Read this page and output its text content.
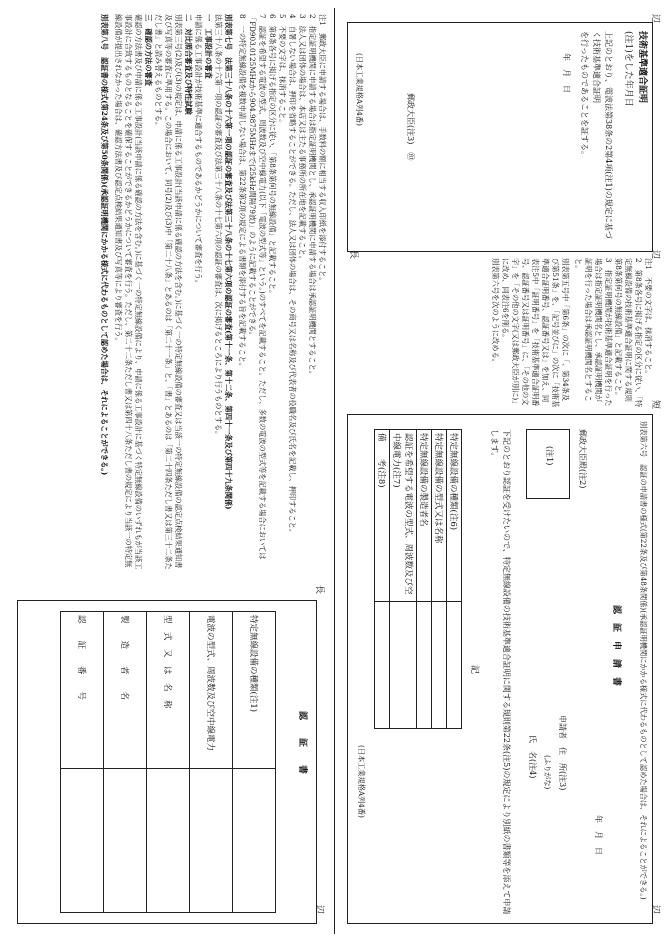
辺
辺
長
短
辺
技術基準適合証明
(注1)をした年月日
上記のとおり、電波法第38条の2第4項(注1)の規定に基づく技術基準適合証明
を行ったものであることを証する。
年　月　日
郵政大臣(注3)　㊞
(日本工業規格A列4番)
注1　不要の文字は、抹消すること。
2　第8条各号に掲げる指定の区分に従い、「特定無線設備の技術基準適合証明に関する規則第8条第何号の無線設備」と記載すること。
3　指定証明機関が技術基準適合証明を行った場合は指定証明機関名とし、承認証明機関が証明を行った場合は承認証明機関名とすること。
別表第五号中「第6条」の次に「、第34条及び第51条」を、「記号並びに」の次に「技術基準適合証明番号、認証番号又は」を加え、同表注5中「証明番号」を「技術基準適合証明番号、認証番号又は証明番号」に、「その他の文字」を「その他の文字(又は郵政大臣が別に)」に改め、同表注6を削る。
別表第六号を次のように改める。
別表第六号　認証の申請書の様式(第22条及び第48条関係)(承認証明機関にかかる様式に代わるものとして認めた場合は、それによることができる。)
認　証　申　請　書
年　月　日
郵政大臣殿(注2)
(注1)
申請者　住　所(注3)
(ふりがな)
氏　名(注4)
下記のとおり認証を受けたいので、特定無線設備の技術基準適合証明に関する規則第22条(注5)の規定により別紙の書類等を添えて申請します。
記
特定無線設備の種類(注6)	
特定無線設備の型式又は名称	
特定無線設備の製造者名	
認証を希望する電波の型式、周波数及び空中線電力(注7)	
備　　考(注8)	
(日本工業規格A列4番)
注1　郵政大臣に申請する場合は、手数料の額に相当する収入印紙を添付すること。
2　指定証明機関に申請する場合は指定証明機関とし、承認証明機関に申請する場合は承認証明機関とすること。
3　法人又は団体の場合は、本店又は主たる事務所の所在地を記載すること。
4　自署しない場合は、押印を省略することができる。ただし、法人又は団体の場合は、その商号又は名称及び代表者の役職名及び氏名を記載し、押印すること。
5　不要の文字は、抹消すること。
6　第8条各号に掲げる指定の区分に従い、「第8条第何号の無線設備」と記載すること。
7　認証を希望する電波の型式、周波数及び空中線電力(以下「電波の型式等」という。)のすべてを記載すること。ただし、多数の電波の型式等を記載する場合においては「FD903.0125MHzから904.9875MHzまで(25kHz間隔79波)」のように記載することができる。
8　一の特定無線設備を複数申請しない場合は、第22条第2項の規定による書類を添付する旨を記載すること。
別表第七号　法第三十八条の十六第一項の認証の審査及び法第三十八条の十七第六項の認証の審査(第十一条、第十二条、第四十一条及び第四十九条関係)
法第三十八条の十六第一項の認証の審査及び法第三十八条の十七第六項の認証の審査は、次に掲げるところにより行うものとする。
一　工事設計の審査
申請に係る工事設計が技術基準に適合するものであるかどうかについて審査を行う。
二　対比照合審査及び特性試験
別表第三号(2)及び(3)の規定は、申請に係る工事設計(当該申請に係る確認の方法を含む。)に基づく一の特定無線設備の審査又は当該一の特定無線設備の認定点検結果通知書及び写真等の審査に準用する。この場合において、同号(2)及び(3)中「第二十八条」とあるのは「第二十一条」と、「書」とあるのは「第二十四条ただし書又は第三十二条ただし書」と読み替えるものとする。
三　確認の方法の審査
確認の方法書及び申請に係る工事設計(当該申請に係る確認の方法を含む。)に基づく一の特定無線設備により、申請に係る工事設計に基づく特定無線設備のいずれもが当該工事設計に合致するものとなることを確保することができるかどうかについて審査を行う。ただし、第二十二条ただし書又は第四十八条ただし書の規定により当該一の特定無線設備が提出されなかった場合は、確認方法書及び認定点検結果通知書及び写真等により審査を行う。
別表第八号　認証書の様式(第24条及び第50条関係)(承認証明機関にかかる様式に代わるものとして認めた場合は、それによることができる。)
長
認　　証　　書
特定無線設備の種類(注1)	
電波の型式、周波数及び空中線電力	
型　式　又　は　名　称	
製　　造　　者　　名	
認　　証　　番　　号	
辺
